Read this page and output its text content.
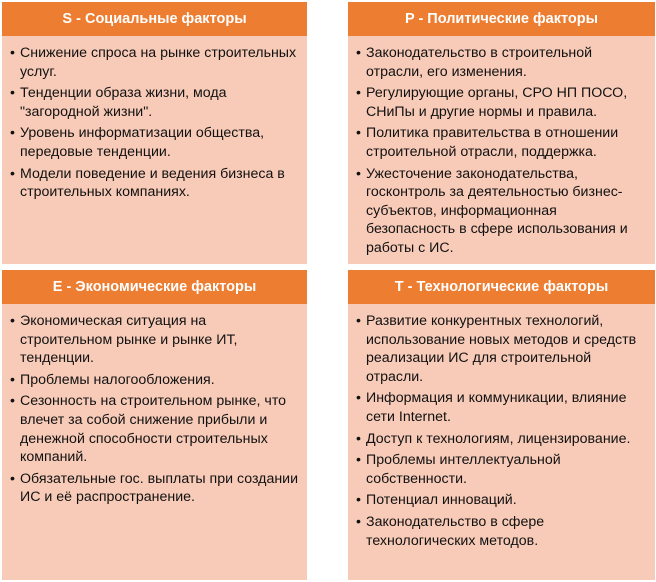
S - Социальные факторы
• Снижение спроса на рынке строительных услуг.
• Тенденции образа жизни, мода "загородной жизни".
• Уровень информатизации общества, передовые тенденции.
• Модели поведение и ведения бизнеса в строительных компаниях.
P - Политические факторы
• Законодательство в строительной отрасли, его изменения.
• Регулирующие органы, СРО НП ПОСО, СНиПы и другие нормы и правила.
• Политика правительства в отношении строительной отрасли, поддержка.
• Ужесточение законодательства, госконтроль за деятельностью бизнес-субъектов, информационная безопасность в сфере использования и работы с ИС.
E - Экономические факторы
• Экономическая ситуация на строительном рынке и рынке ИТ, тенденции.
• Проблемы налогообложения.
• Сезонность на строительном рынке, что влечет за собой снижение прибыли и денежной способности строительных компаний.
• Обязательные гос. выплаты при создании ИС и её распространение.
T - Технологические факторы
• Развитие конкурентных технологий, использование новых методов и средств реализации ИС для строительной отрасли.
• Информация и коммуникации, влияние сети Internet.
• Доступ к технологиям, лицензирование.
• Проблемы интеллектуальной собственности.
• Потенциал инноваций.
• Законодательство в сфере технологических методов.
